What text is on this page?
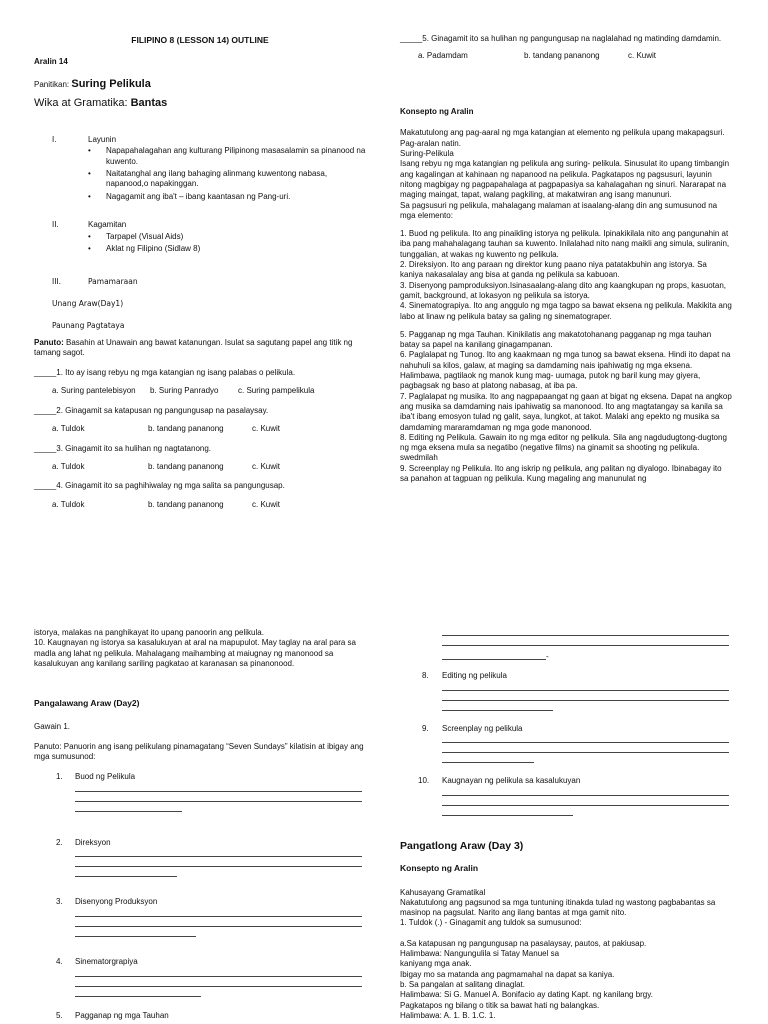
FILIPINO 8 (LESSON 14) OUTLINE
Aralin 14
Panitikan: Suring Pelikula
Wika at Gramatika: Bantas
I.	Layunin
•	Napapahalagahan ang kulturang Pilipinong masasalamin sa pinanood na kuwento.
•	Naitatanghal ang ilang bahaging alinmang kuwentong nabasa, napanood,o napakinggan.
•	Nagagamit ang iba't – ibang kaantasan ng Pang-uri.
II.	Kagamitan
•	Tarpapel (Visual Aids)
•	Aklat ng Filipino (Sidlaw 8)
III.	Pamamaraan
Unang Araw(Day1)
Paunang Pagtataya
Panuto: Basahin at Unawain ang bawat katanungan. Isulat sa sagutang papel ang titik ng tamang sagot.
_____1. Ito ay isang rebyu ng mga katangian ng isang palabas o pelikula.
a. Suring pantelebisyon	b. Suring Panradyo	c. Suring pampelikula
_____2. Ginagamit sa katapusan ng pangungusap na pasalaysay.
a. Tuldok	b. tandang pananong	c. Kuwit
_____3. Ginagamit ito sa hulihan ng nagtatanong.
a. Tuldok	b. tandang pananong	c. Kuwit
_____4. Ginagamit ito sa paghihiwalay ng mga salita sa pangungusap.
a. Tuldok	b. tandang pananong	c. Kuwit
_____5. Ginagamit ito sa hulihan ng pangungusap na naglalahad ng matinding damdamin.
a. Padamdam	b. tandang pananong	c. Kuwit
Konsepto ng Aralin
Makatutulong ang pag-aaral ng mga katangian at elemento ng pelikula upang makapagsuri. Pag-aralan natin.
Suring-Pelikula
Isang rebyu ng mga katangian ng pelikula ang suring- pelikula. Sinusulat ito upang timbangin ang kagalingan at kahinaan ng napanood na pelikula. Pagkatapos ng pagsusuri, layunin nitong magbigay ng pagpapahalaga at pagpapasiya sa kahalagahan ng sinuri. Nararapat na maging maingat, tapat, walang pagkiling, at makatwiran ang isang manunuri.
Sa pagsusuri ng pelikula, mahalagang malaman at isaalang-alang din ang sumusunod na mga elemento:
1. Buod ng pelikula. Ito ang pinaikling istorya ng pelikula. Ipinakikilala nito ang pangunahin at iba pang mahahalagang tauhan sa kuwento. Inilalahad nito nang maikli ang simula, suliranin, tunggalian, at wakas ng kuwento ng pelikula.
2. Direksiyon. Ito ang paraan ng direktor kung paano niya patatakbuhin ang istorya. Sa kaniya nakasalalay ang bisa at ganda ng pelikula sa kabuoan.
3. Disenyong pamproduksiyon.Isinasaalang-alang dito ang kaangkupan ng props, kasuotan, gamit, background, at lokasyon ng pelikula sa istorya.
4. Sinematograpiya. Ito ang anggulo ng mga tagpo sa bawat eksena ng pelikula. Makikita ang labo at linaw ng pelikula batay sa galing ng sinematograper.
5. Pagganap ng mga Tauhan. Kinikilatis ang makatotohanang pagganap ng mga tauhan batay sa papel na kanilang ginagampanan.
6. Paglalapat ng Tunog. Ito ang kaakmaan ng mga tunog sa bawat eksena. Hindi ito dapat na nahuhuli sa kilos, galaw, at maging sa damdaming nais ipahiwatig ng mga eksena. Halimbawa, pagtilaok ng manok kung mag- uumaga, putok ng baril kung may giyera, pagbagsak ng baso at platong nabasag, at iba pa.
7. Paglalapat ng musika. Ito ang nagpapaangat ng gaan at bigat ng eksena. Dapat na angkop ang musika sa damdaming nais ipahiwatig sa manonood. Ito ang magtatangay sa kanila sa iba't ibang emosyon tulad ng galit, saya, lungkot, at takot. Malaki ang epekto ng musika sa damdaming mararamdaman ng mga gode manonood.
8. Editing ng Pelikula. Gawain ito ng mga editor ng pelikula. Sila ang nagdudugtong-dugtong ng mga eksena mula sa negatibo (negative films) na ginamit sa shooting ng pelikula. swedmilah
9. Screenplay ng Pelikula. Ito ang iskrip ng pelikula, ang palitan ng diyalogo. Ibinabagay ito sa panahon at tagpuan ng pelikula. Kung magaling ang manunulat ng
istorya, malakas na panghikayat ito upang panoorin ang pelikula.
10. Kaugnayan ng istorya sa kasalukuyan at aral na mapupulot. May taglay na aral para sa madla ang lahat ng pelikula. Mahalagang maihambing at maiugnay ng manonood sa kasalukuyan ang kanilang sariling pagkatao at karanasan sa pinanonood.
Pangalawang Araw (Day2)
Gawain 1.
Panuto: Panuorin ang isang pelikulang pinamagatang “Seven Sundays” kilatisin at ibigay ang mga sumusunod:
1.	Buod ng Pelikula
2.	Direksyon
3.	Disenyong Produksyon
4.	Sinematorgrapiya
5.	Pagganap ng mga Tauhan
-
8.	Editing ng pelikula
9.	Screenplay ng pelikula
10.	Kaugnayan ng pelikula sa kasalukuyan
Pangatlong Araw (Day 3)
Konsepto ng Aralin
Kahusayang Gramatikal
Nakatutulong ang pagsunod sa mga tuntuning itinakda tulad ng wastong pagbabantas sa masinop na pagsulat. Narito ang ilang bantas at mga gamit nito.
1. Tuldok (.) - Ginagamit ang tuldok sa sumusunod:
a.Sa katapusan ng pangungusap na pasalaysay, pautos, at pakiusap.
Halimbawa: Nangungulila si Tatay Manuel sa
kaniyang mga anak.
Ibigay mo sa matanda ang pagmamahal na dapat sa kaniya.
b. Sa pangalan at salitang dinaglat.
Halimbawa: Si G. Manuel A. Bonifacio ay dating Kapt. ng kanilang brgy.
Pagkatapos ng bilang o titik sa bawat hati ng balangkas.
Halimbawa: A. 1. B. 1.C. 1.
